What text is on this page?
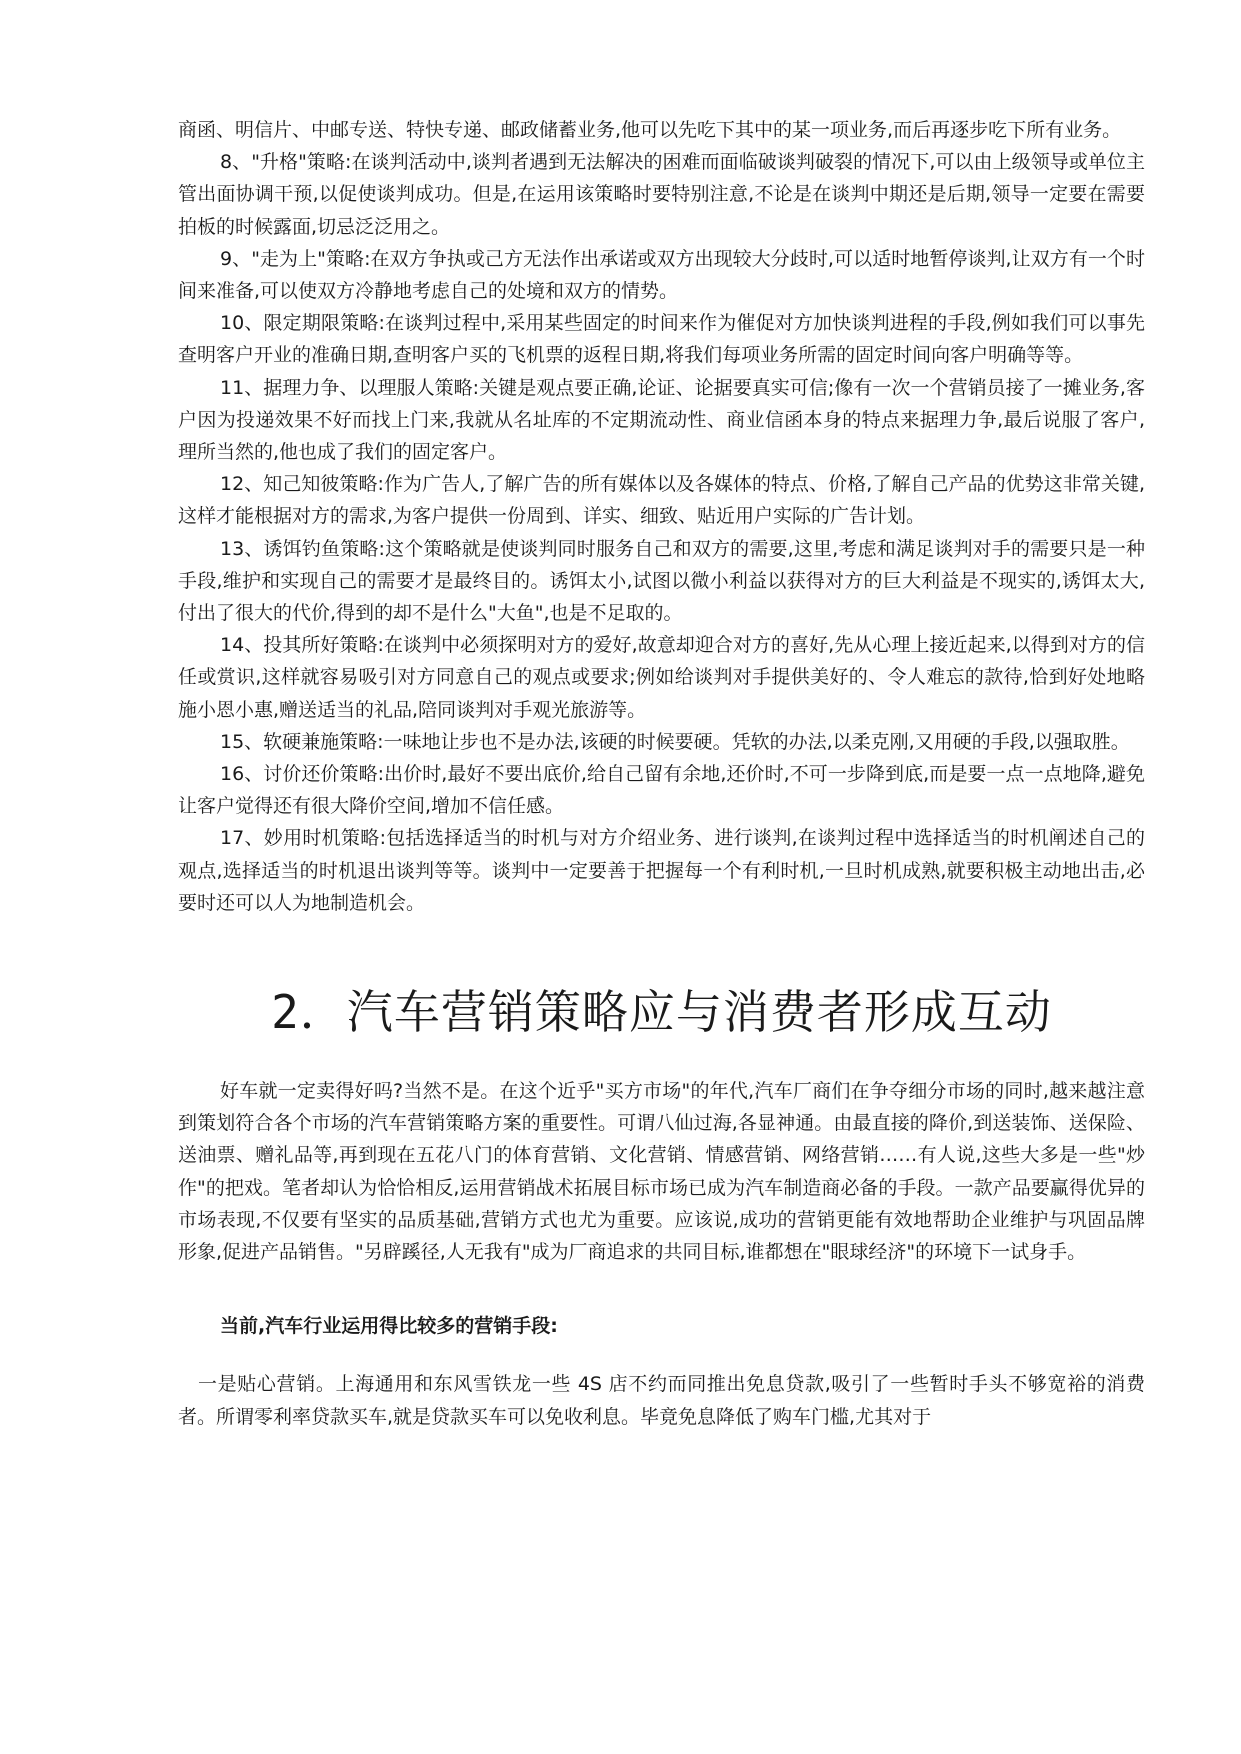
商函、明信片、中邮专送、特快专递、邮政储蓄业务,他可以先吃下其中的某一项业务,而后再逐步吃下所有业务。

8、"升格"策略:在谈判活动中,谈判者遇到无法解决的困难而面临破谈判破裂的情况下,可以由上级领导或单位主管出面协调干预,以促使谈判成功。但是,在运用该策略时要特别注意,不论是在谈判中期还是后期,领导一定要在需要拍板的时候露面,切忌泛泛用之。

9、"走为上"策略:在双方争执或己方无法作出承诺或双方出现较大分歧时,可以适时地暂停谈判,让双方有一个时间来准备,可以使双方冷静地考虑自己的处境和双方的情势。

10、限定期限策略:在谈判过程中,采用某些固定的时间来作为催促对方加快谈判进程的手段,例如我们可以事先查明客户开业的准确日期,查明客户买的飞机票的返程日期,将我们每项业务所需的固定时间向客户明确等等。

11、据理力争、以理服人策略:关键是观点要正确,论证、论据要真实可信;像有一次一个营销员接了一摊业务,客户因为投递效果不好而找上门来,我就从名址库的不定期流动性、商业信函本身的特点来据理力争,最后说服了客户,理所当然的,他也成了我们的固定客户。

12、知己知彼策略:作为广告人,了解广告的所有媒体以及各媒体的特点、价格,了解自己产品的优势这非常关键,这样才能根据对方的需求,为客户提供一份周到、详实、细致、贴近用户实际的广告计划。

13、诱饵钓鱼策略:这个策略就是使谈判同时服务自己和双方的需要,这里,考虑和满足谈判对手的需要只是一种手段,维护和实现自己的需要才是最终目的。诱饵太小,试图以微小利益以获得对方的巨大利益是不现实的,诱饵太大,付出了很大的代价,得到的却不是什么"大鱼",也是不足取的。

14、投其所好策略:在谈判中必须探明对方的爱好,故意却迎合对方的喜好,先从心理上接近起来,以得到对方的信任或赏识,这样就容易吸引对方同意自己的观点或要求;例如给谈判对手提供美好的、令人难忘的款待,恰到好处地略施小恩小惠,赠送适当的礼品,陪同谈判对手观光旅游等。

15、软硬兼施策略:一味地让步也不是办法,该硬的时候要硬。凭软的办法,以柔克刚,又用硬的手段,以强取胜。

16、讨价还价策略:出价时,最好不要出底价,给自己留有余地,还价时,不可一步降到底,而是要一点一点地降,避免让客户觉得还有很大降价空间,增加不信任感。

17、妙用时机策略:包括选择适当的时机与对方介绍业务、进行谈判,在谈判过程中选择适当的时机阐述自己的观点,选择适当的时机退出谈判等等。谈判中一定要善于把握每一个有利时机,一旦时机成熟,就要积极主动地出击,必要时还可以人为地制造机会。

2．汽车营销策略应与消费者形成互动

好车就一定卖得好吗?当然不是。在这个近乎"买方市场"的年代,汽车厂商们在争夺细分市场的同时,越来越注意到策划符合各个市场的汽车营销策略方案的重要性。可谓八仙过海,各显神通。由最直接的降价,到送装饰、送保险、送油票、赠礼品等,再到现在五花八门的体育营销、文化营销、情感营销、网络营销……有人说,这些大多是一些"炒作"的把戏。笔者却认为恰恰相反,运用营销战术拓展目标市场已成为汽车制造商必备的手段。一款产品要赢得优异的市场表现,不仅要有坚实的品质基础,营销方式也尤为重要。应该说,成功的营销更能有效地帮助企业维护与巩固品牌形象,促进产品销售。"另辟蹊径,人无我有"成为厂商追求的共同目标,谁都想在"眼球经济"的环境下一试身手。

当前,汽车行业运用得比较多的营销手段:

一是贴心营销。上海通用和东风雪铁龙一些 4S 店不约而同推出免息贷款,吸引了一些暂时手头不够宽裕的消费者。所谓零利率贷款买车,就是贷款买车可以免收利息。毕竟免息降低了购车门槛,尤其对于
